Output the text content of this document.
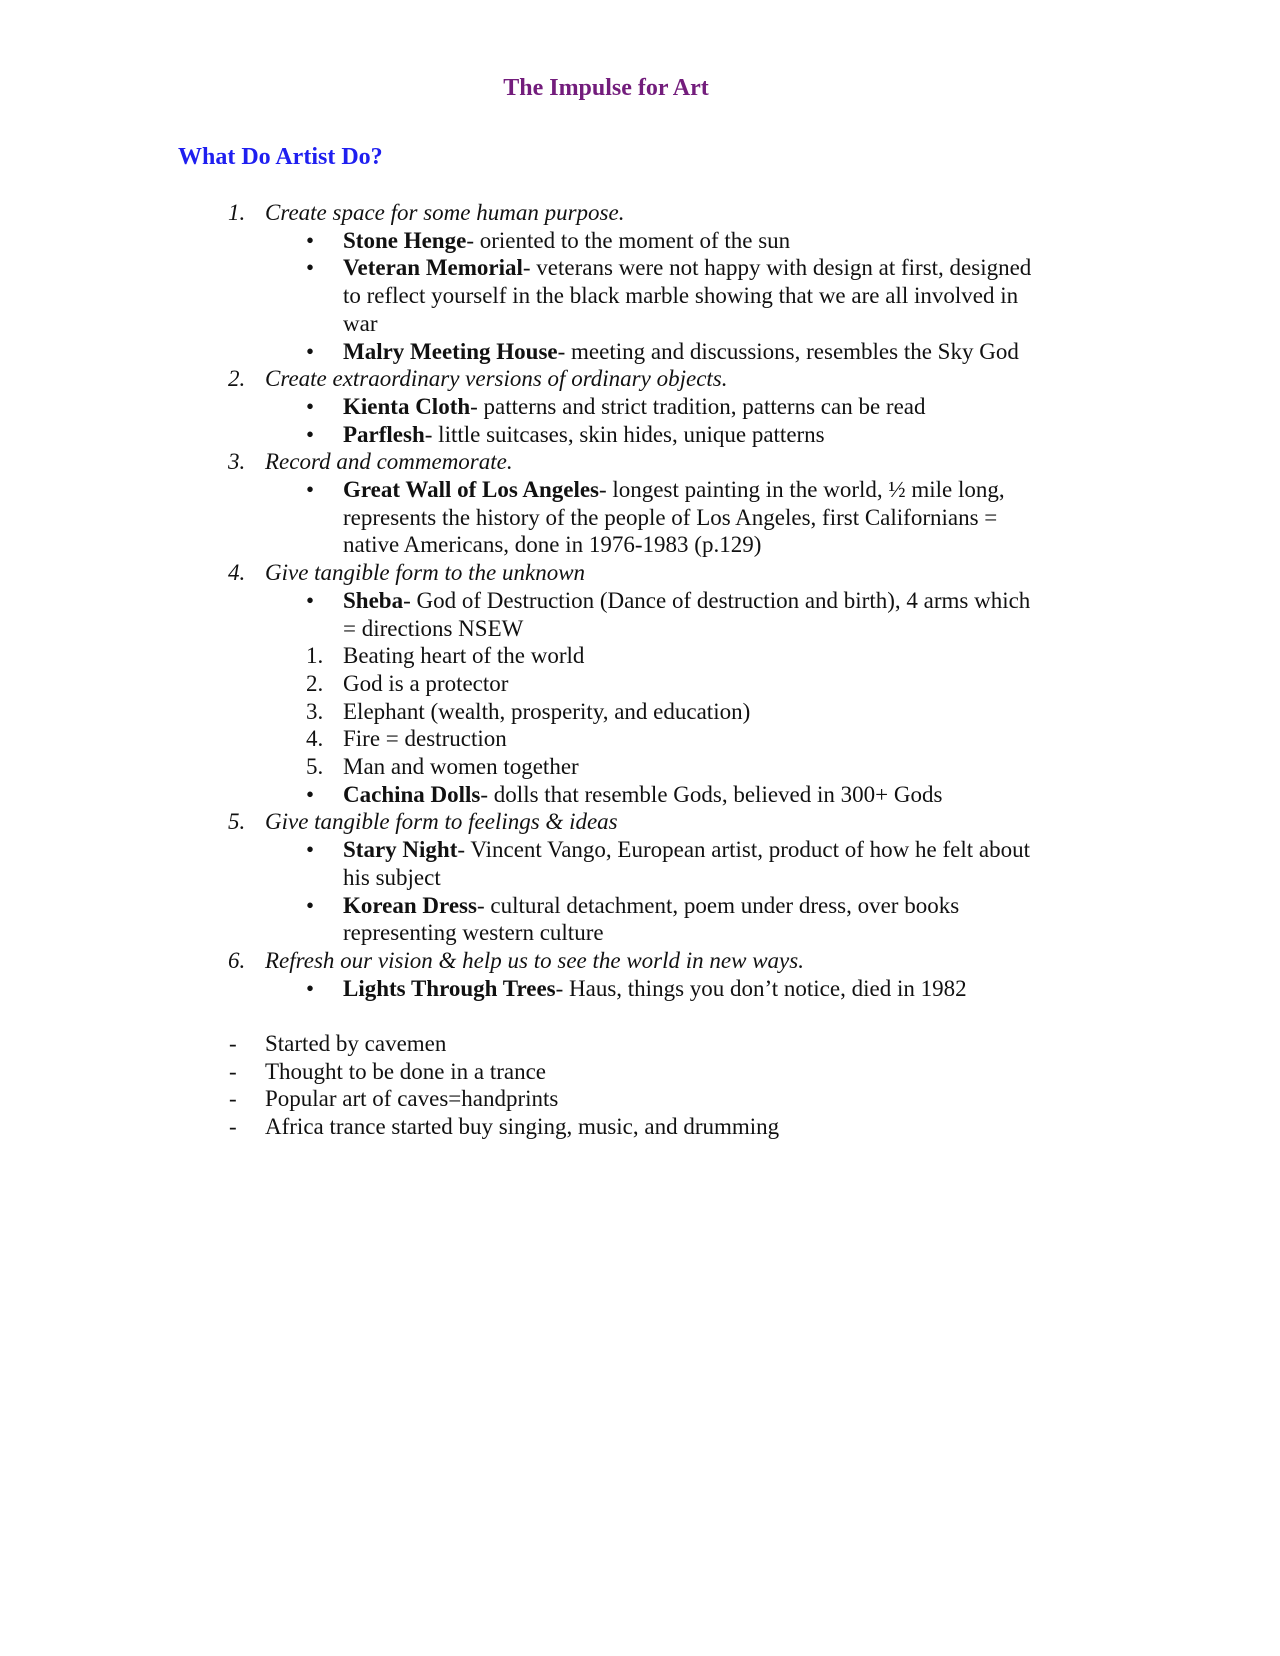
The Impulse for Art
What Do Artist Do?
1. Create space for some human purpose.
•	Stone Henge- oriented to the moment of the sun
•	Veteran Memorial- veterans were not happy with design at first, designed to reflect yourself in the black marble showing that we are all involved in war
•	Malry Meeting House- meeting and discussions, resembles the Sky God
2. Create extraordinary versions of ordinary objects.
•	Kienta Cloth- patterns and strict tradition, patterns can be read
•	Parflesh- little suitcases, skin hides, unique patterns
3. Record and commemorate.
•	Great Wall of Los Angeles- longest painting in the world, ½ mile long, represents the history of the people of Los Angeles, first Californians = native Americans, done in 1976-1983 (p.129)
4. Give tangible form to the unknown
•	Sheba- God of Destruction (Dance of destruction and birth), 4 arms which = directions NSEW
1. Beating heart of the world
2. God is a protector
3. Elephant (wealth, prosperity, and education)
4. Fire = destruction
5. Man and women together
•	Cachina Dolls- dolls that resemble Gods, believed in 300+ Gods
5. Give tangible form to feelings & ideas
•	Stary Night- Vincent Vango, European artist, product of how he felt about his subject
•	Korean Dress- cultural detachment, poem under dress, over books representing western culture
6. Refresh our vision & help us to see the world in new ways.
•	Lights Through Trees- Haus, things you don’t notice, died in 1982
-	Started by cavemen
-	Thought to be done in a trance
-	Popular art of caves=handprints
-	Africa trance started buy singing, music, and drumming
